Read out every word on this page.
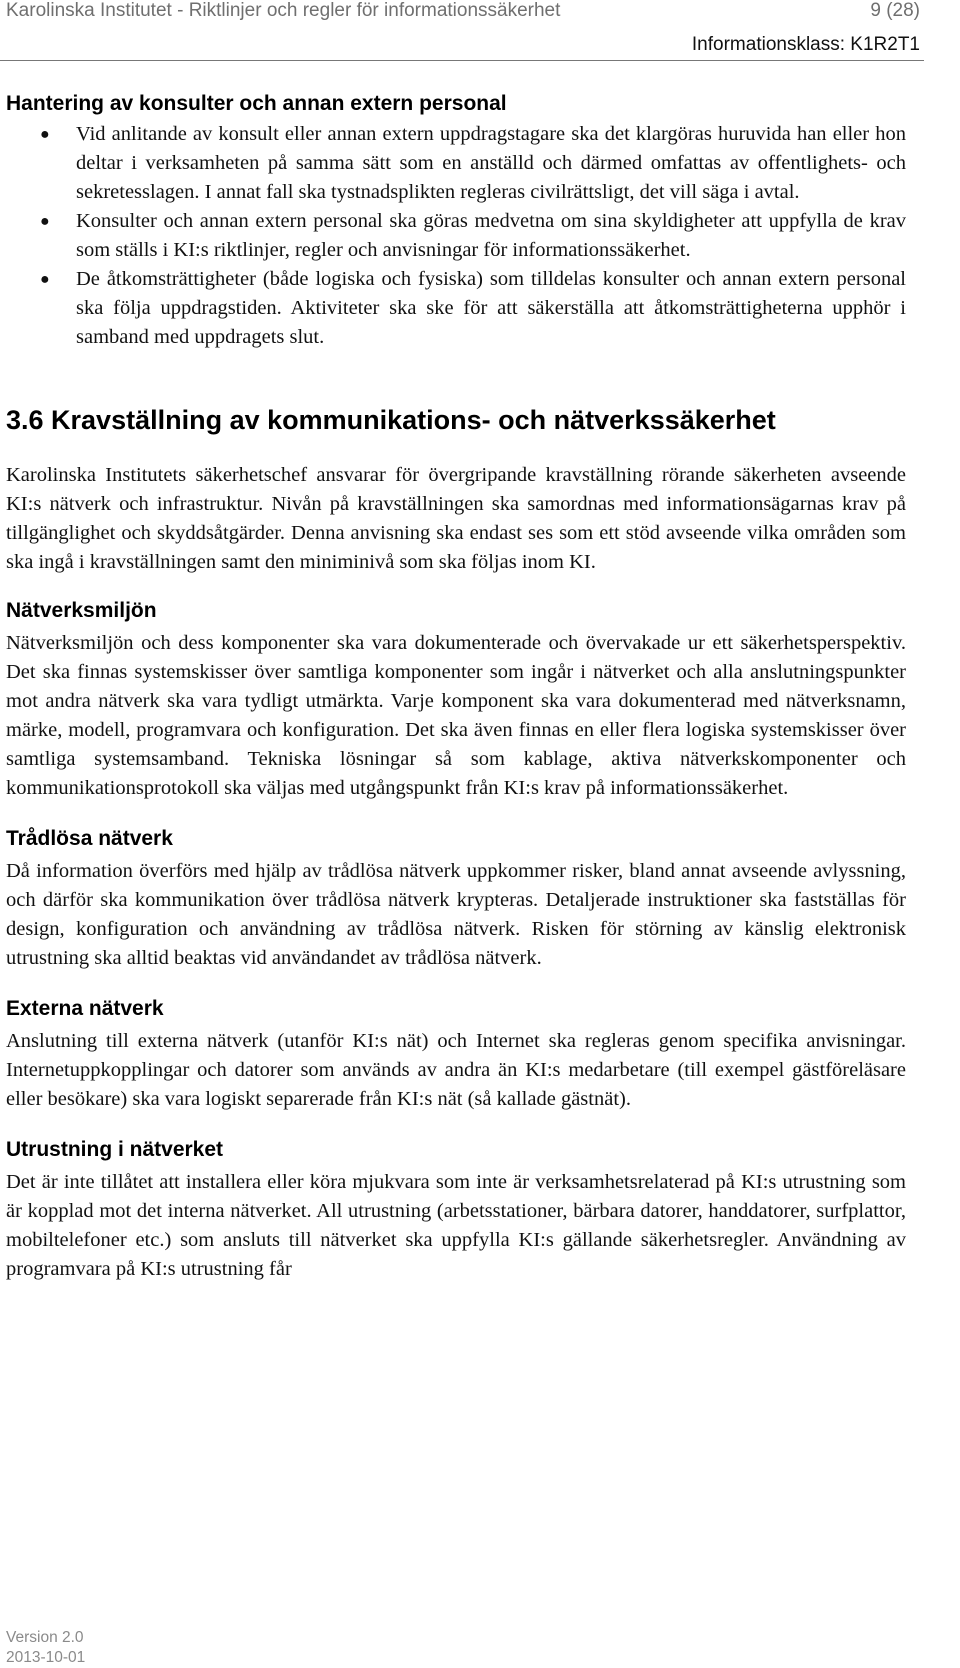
Karolinska Institutet - Riktlinjer och regler för informationssäkerhet	9 (28)
Informationsklass: K1R2T1
Hantering av konsulter och annan extern personal
● Vid anlitande av konsult eller annan extern uppdragstagare ska det klargöras huruvida han eller hon deltar i verksamheten på samma sätt som en anställd och därmed omfattas av offentlighets- och sekretesslagen. I annat fall ska tystnadsplikten regleras civilrättsligt, det vill säga i avtal.
● Konsulter och annan extern personal ska göras medvetna om sina skyldigheter att uppfylla de krav som ställs i KI:s riktlinjer, regler och anvisningar för informationssäkerhet.
● De åtkomsträttigheter (både logiska och fysiska) som tilldelas konsulter och annan extern personal ska följa uppdragstiden. Aktiviteter ska ske för att säkerställa att åtkomsträttigheterna upphör i samband med uppdragets slut.
3.6 Kravställning av kommunikations- och nätverkssäkerhet

Karolinska Institutets säkerhetschef ansvarar för övergripande kravställning rörande säkerheten avseende KI:s nätverk och infrastruktur. Nivån på kravställningen ska samordnas med informationsägarnas krav på tillgänglighet och skyddsåtgärder. Denna anvisning ska endast ses som ett stöd avseende vilka områden som ska ingå i kravställningen samt den miniminivå som ska följas inom KI.

Nätverksmiljön

Nätverksmiljön och dess komponenter ska vara dokumenterade och övervakade ur ett säkerhetsperspektiv. Det ska finnas systemskisser över samtliga komponenter som ingår i nätverket och alla anslutningspunkter mot andra nätverk ska vara tydligt utmärkta. Varje komponent ska vara dokumenterad med nätverksnamn, märke, modell, programvara och konfiguration. Det ska även finnas en eller flera logiska systemskisser över samtliga systemsamband. Tekniska lösningar så som kablage, aktiva nätverkskomponenter och kommunikationsprotokoll ska väljas med utgångspunkt från KI:s krav på informationssäkerhet.

Trådlösa nätverk

Då information överförs med hjälp av trådlösa nätverk uppkommer risker, bland annat avseende avlyssning, och därför ska kommunikation över trådlösa nätverk krypteras. Detaljerade instruktioner ska fastställas för design, konfiguration och användning av trådlösa nätverk. Risken för störning av känslig elektronisk utrustning ska alltid beaktas vid användandet av trådlösa nätverk.

Externa nätverk

Anslutning till externa nätverk (utanför KI:s nät) och Internet ska regleras genom specifika anvisningar. Internetuppkopplingar och datorer som används av andra än KI:s medarbetare (till exempel gästföreläsare eller besökare) ska vara logiskt separerade från KI:s nät (så kallade gästnät).

Utrustning i nätverket

Det är inte tillåtet att installera eller köra mjukvara som inte är verksamhetsrelaterad på KI:s utrustning som är kopplad mot det interna nätverket. All utrustning (arbetsstationer, bärbara datorer, handdatorer, surfplattor, mobiltelefoner etc.) som ansluts till nätverket ska uppfylla KI:s gällande säkerhetsregler. Användning av programvara på KI:s utrustning får

Version 2.0
2013-10-01
